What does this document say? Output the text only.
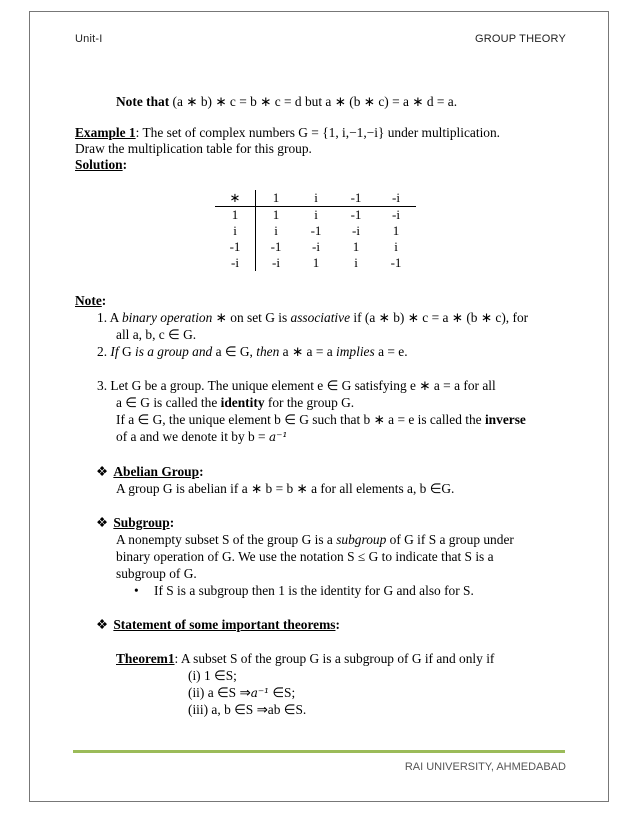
Unit-I	GROUP THEORY
Note that (a ∗ b) ∗ c = b ∗ c = d but a ∗ (b ∗ c) = a ∗ d = a.
Example 1: The set of complex numbers G = {1, i,−1,−i} under multiplication.
Draw the multiplication table for this group.
Solution:
∗	1	i	-1	-i
1	1	i	-1	-i
i	i	-1	-i	1
-1	-1	-i	1	i
-i	-i	1	i	-1
Note:
1. A binary operation ∗ on set G is associative if (a ∗ b) ∗ c = a ∗ (b ∗ c), for
all a, b, c ∈ G.
2. If G is a group and a ∈ G, then a ∗ a = a implies a = e.
3. Let G be a group. The unique element e ∈ G satisfying e ∗ a = a for all
a ∈ G is called the identity for the group G.
If a ∈ G, the unique element b ∈ G such that b ∗ a = e is called the inverse
of a and we denote it by b = a⁻¹
❖ Abelian Group:
A group G is abelian if a ∗ b = b ∗ a for all elements a, b ∈G.
❖ Subgroup:
A nonempty subset S of the group G is a subgroup of G if S a group under
binary operation of G. We use the notation S ≤ G to indicate that S is a
subgroup of G.
• If S is a subgroup then 1 is the identity for G and also for S.
❖ Statement of some important theorems:
Theorem1: A subset S of the group G is a subgroup of G if and only if
(i) 1 ∈S;
(ii) a ∈S ⇒a⁻¹ ∈S;
(iii) a, b ∈S ⇒ab ∈S.
RAI UNIVERSITY, AHMEDABAD
